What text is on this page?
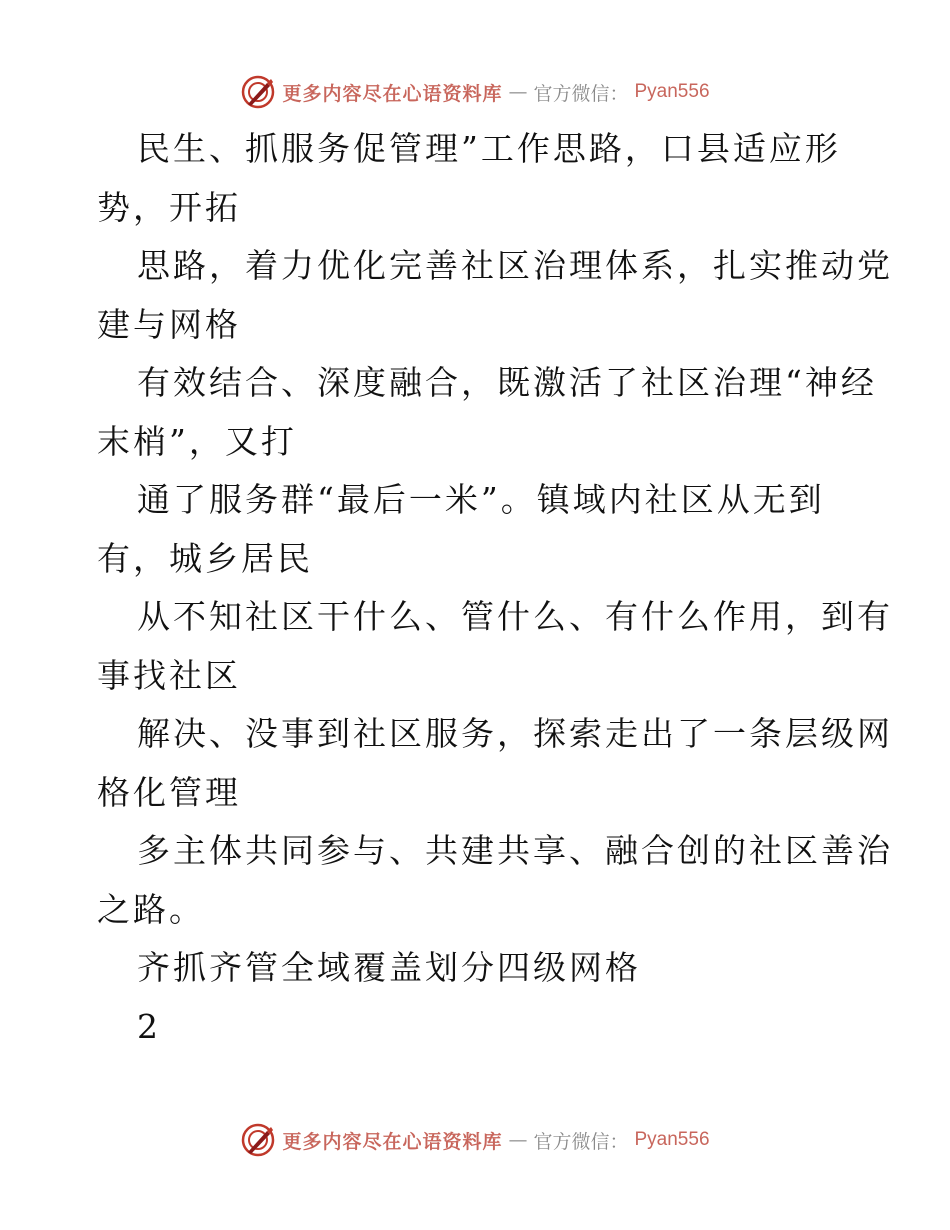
更多内容尽在心语资料库 — 官方微信： Pyan556
民生、抓服务促管理”工作思路，口县适应形
势，开拓
思路，着力优化完善社区治理体系，扎实推动党
建与网格
有效结合、深度融合，既激活了社区治理“神经
末梢”，又打
通了服务群“最后一米”。镇域内社区从无到
有，城乡居民
从不知社区干什么、管什么、有什么作用，到有
事找社区
解决、没事到社区服务，探索走出了一条层级网
格化管理
多主体共同参与、共建共享、融合创的社区善治
之路。
齐抓齐管全域覆盖划分四级网格
2
更多内容尽在心语资料库 — 官方微信： Pyan556
